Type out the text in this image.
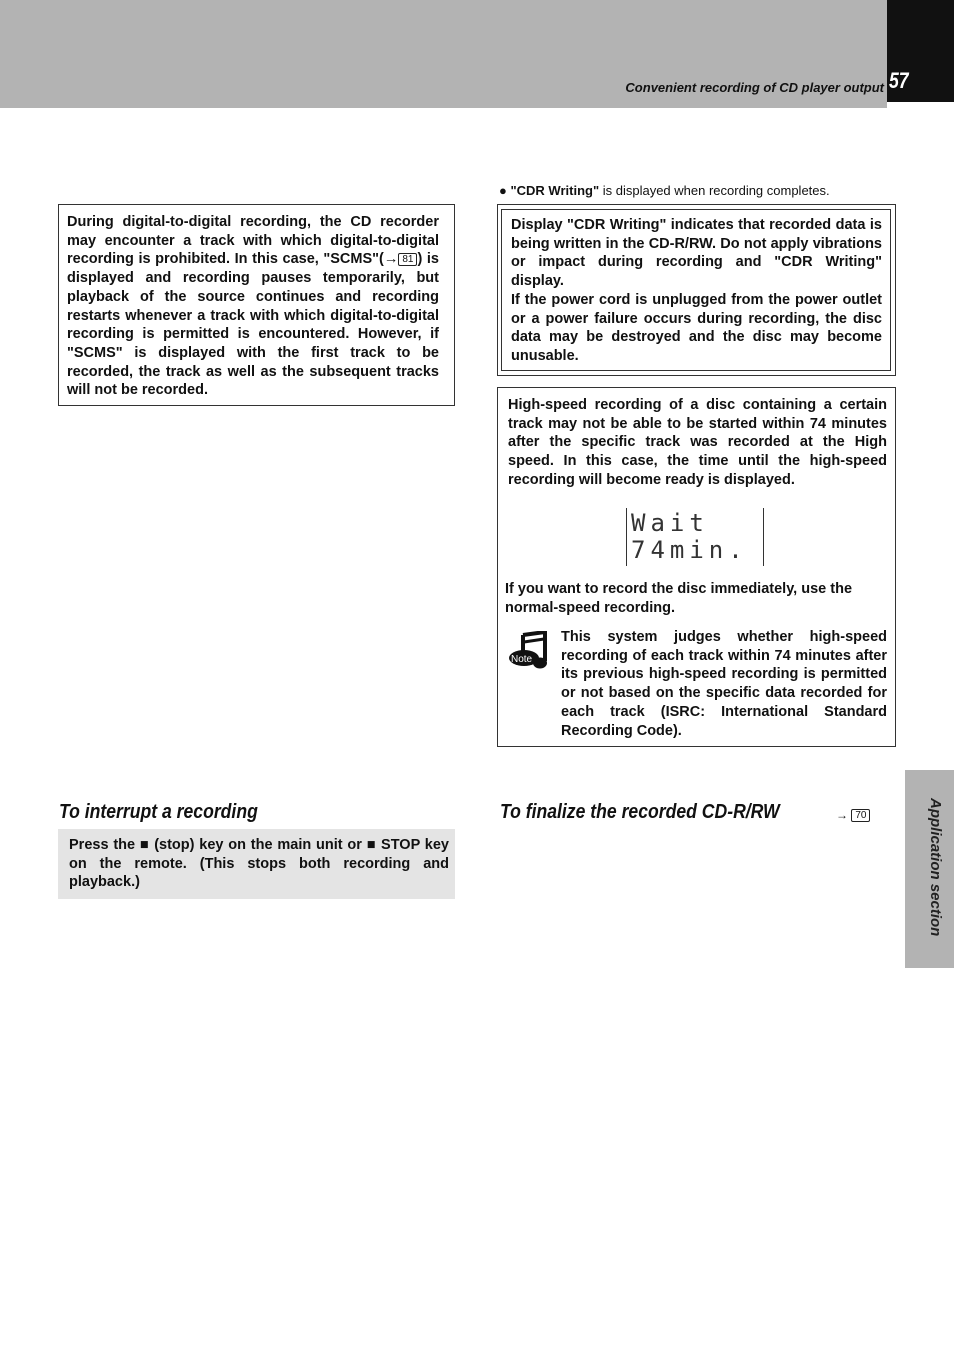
Convenient recording of CD player output 57

During digital-to-digital recording, the CD recorder may encounter a track with which digital-to-digital recording is prohibited. In this case, "SCMS"(→ 81 ) is displayed and recording pauses temporarily, but playback of the source continues and recording restarts whenever a track with which digital-to-digital recording is permitted is encountered. However, if "SCMS" is displayed with the first track to be recorded, the track as well as the subsequent tracks will not be recorded.

● "CDR Writing" is displayed when recording completes.

Display "CDR Writing" indicates that recorded data is being written in the CD-R/RW. Do not apply vibrations or impact during recording and "CDR Writing" display.

If the power cord is unplugged from the power outlet or a power failure occurs during recording, the disc data may be destroyed and the disc may become unusable.

High-speed recording of a disc containing a certain track may not be able to be started within 74 minutes after the specific track was recorded at the High speed. In this case, the time until the high-speed recording will become ready is displayed.

Wait
74min.
If you want to record the disc immediately, use the normal-speed recording.
Note
This system judges whether high-speed recording of each track within 74 minutes after its previous high-speed recording is permitted or not based on the specific data recorded for each track (ISRC: International Standard Recording Code).
To interrupt a recording
Press the ■ (stop) key on the main unit or ■ STOP key on the remote. (This stops both recording and playback.)
To finalize the recorded CD-R/RW	→ 70	Application section
